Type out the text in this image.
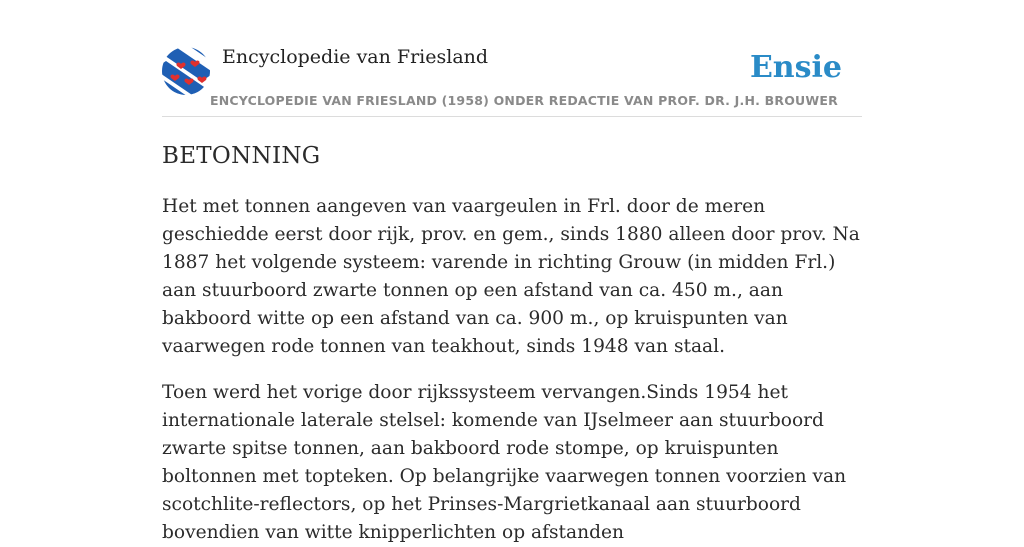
Encyclopedie van Friesland
ENCYCLOPEDIE VAN FRIESLAND (1958) ONDER REDACTIE VAN PROF. DR. J.H. BROUWER
Ensie
BETONNING

Het met tonnen aangeven van vaargeulen in Frl. door de meren geschiedde eerst door rijk, prov. en gem., sinds 1880 alleen door prov. Na 1887 het volgende systeem: varende in richting Grouw (in midden Frl.) aan stuurboord zwarte tonnen op een afstand van ca. 450 m., aan bakboord witte op een afstand van ca. 900 m., op kruispunten van vaarwegen rode tonnen van teakhout, sinds 1948 van staal.

Toen werd het vorige door rijkssysteem vervangen.Sinds 1954 het internationale laterale stelsel: komende van IJselmeer aan stuurboord zwarte spitse tonnen, aan bakboord rode stompe, op kruispunten boltonnen met topteken. Op belangrijke vaarwegen tonnen voorzien van scotchlite-reflectors, op het Prinses-Margrietkanaal aan stuurboord bovendien van witte knipperlichten op afstanden
